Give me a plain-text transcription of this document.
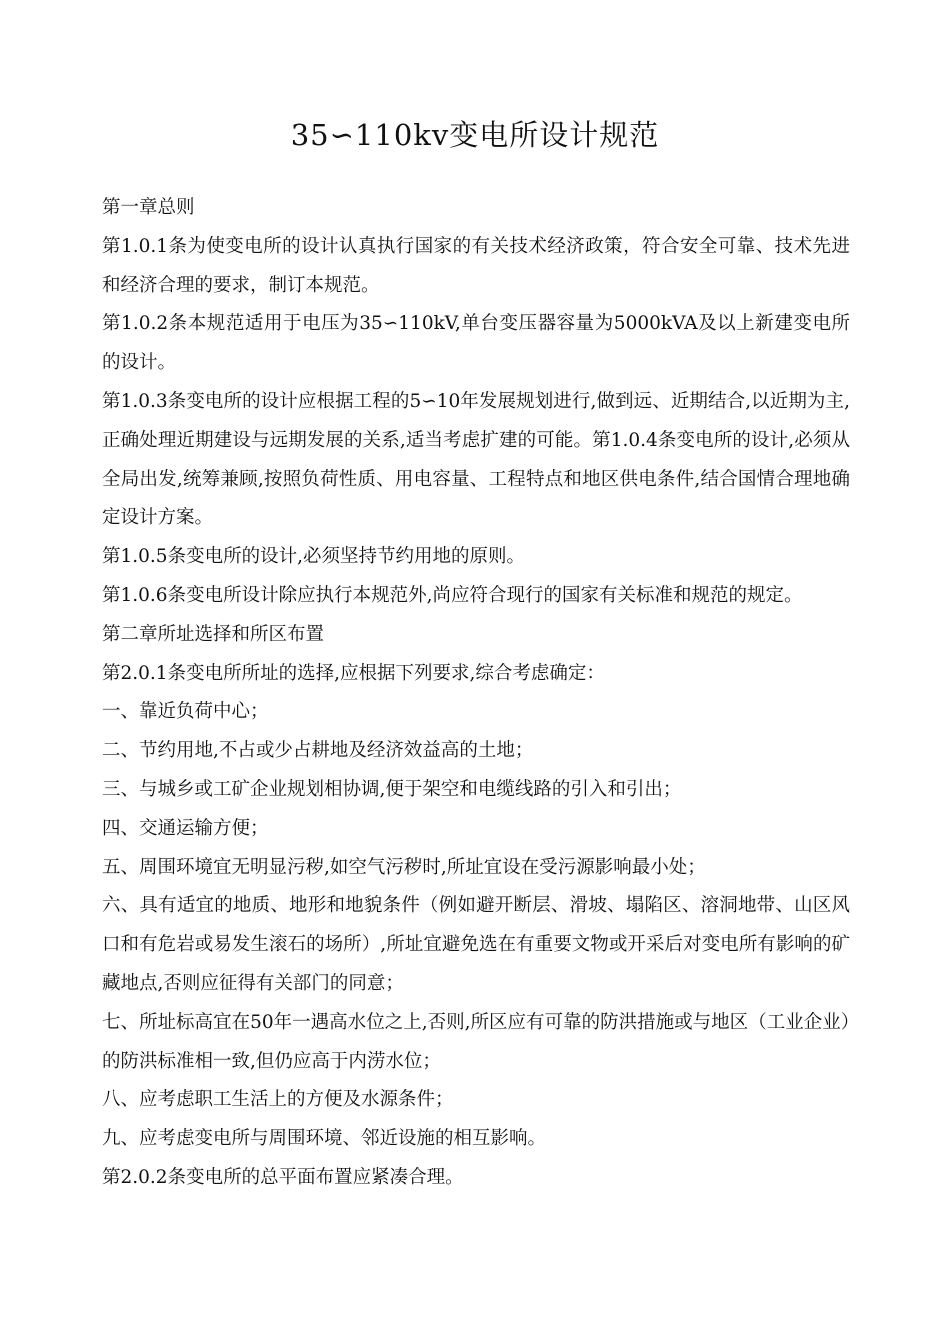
35∽110kv变电所设计规范

第一章总则

第1.0.1条为使变电所的设计认真执行国家的有关技术经济政策，符合安全可靠、技术先进和经济合理的要求，制订本规范。

第1.0.2条本规范适用于电压为35∽110kV,单台变压器容量为5000kVA及以上新建变电所的设计。

第1.0.3条变电所的设计应根据工程的5∽10年发展规划进行,做到远、近期结合,以近期为主,正确处理近期建设与远期发展的关系,适当考虑扩建的可能。第1.0.4条变电所的设计,必须从全局出发,统筹兼顾,按照负荷性质、用电容量、工程特点和地区供电条件,结合国情合理地确定设计方案。

第1.0.5条变电所的设计,必须坚持节约用地的原则。

第1.0.6条变电所设计除应执行本规范外,尚应符合现行的国家有关标准和规范的规定。

第二章所址选择和所区布置

第2.0.1条变电所所址的选择,应根据下列要求,综合考虑确定：

一、靠近负荷中心；

二、节约用地,不占或少占耕地及经济效益高的土地；

三、与城乡或工矿企业规划相协调,便于架空和电缆线路的引入和引出；

四、交通运输方便；

五、周围环境宜无明显污秽,如空气污秽时,所址宜设在受污源影响最小处；

六、具有适宜的地质、地形和地貌条件（例如避开断层、滑坡、塌陷区、溶洞地带、山区风口和有危岩或易发生滚石的场所）,所址宜避免选在有重要文物或开采后对变电所有影响的矿藏地点,否则应征得有关部门的同意；

七、所址标高宜在50年一遇高水位之上,否则,所区应有可靠的防洪措施或与地区（工业企业）的防洪标准相一致,但仍应高于内涝水位；

八、应考虑职工生活上的方便及水源条件；

九、应考虑变电所与周围环境、邻近设施的相互影响。

第2.0.2条变电所的总平面布置应紧凑合理。
